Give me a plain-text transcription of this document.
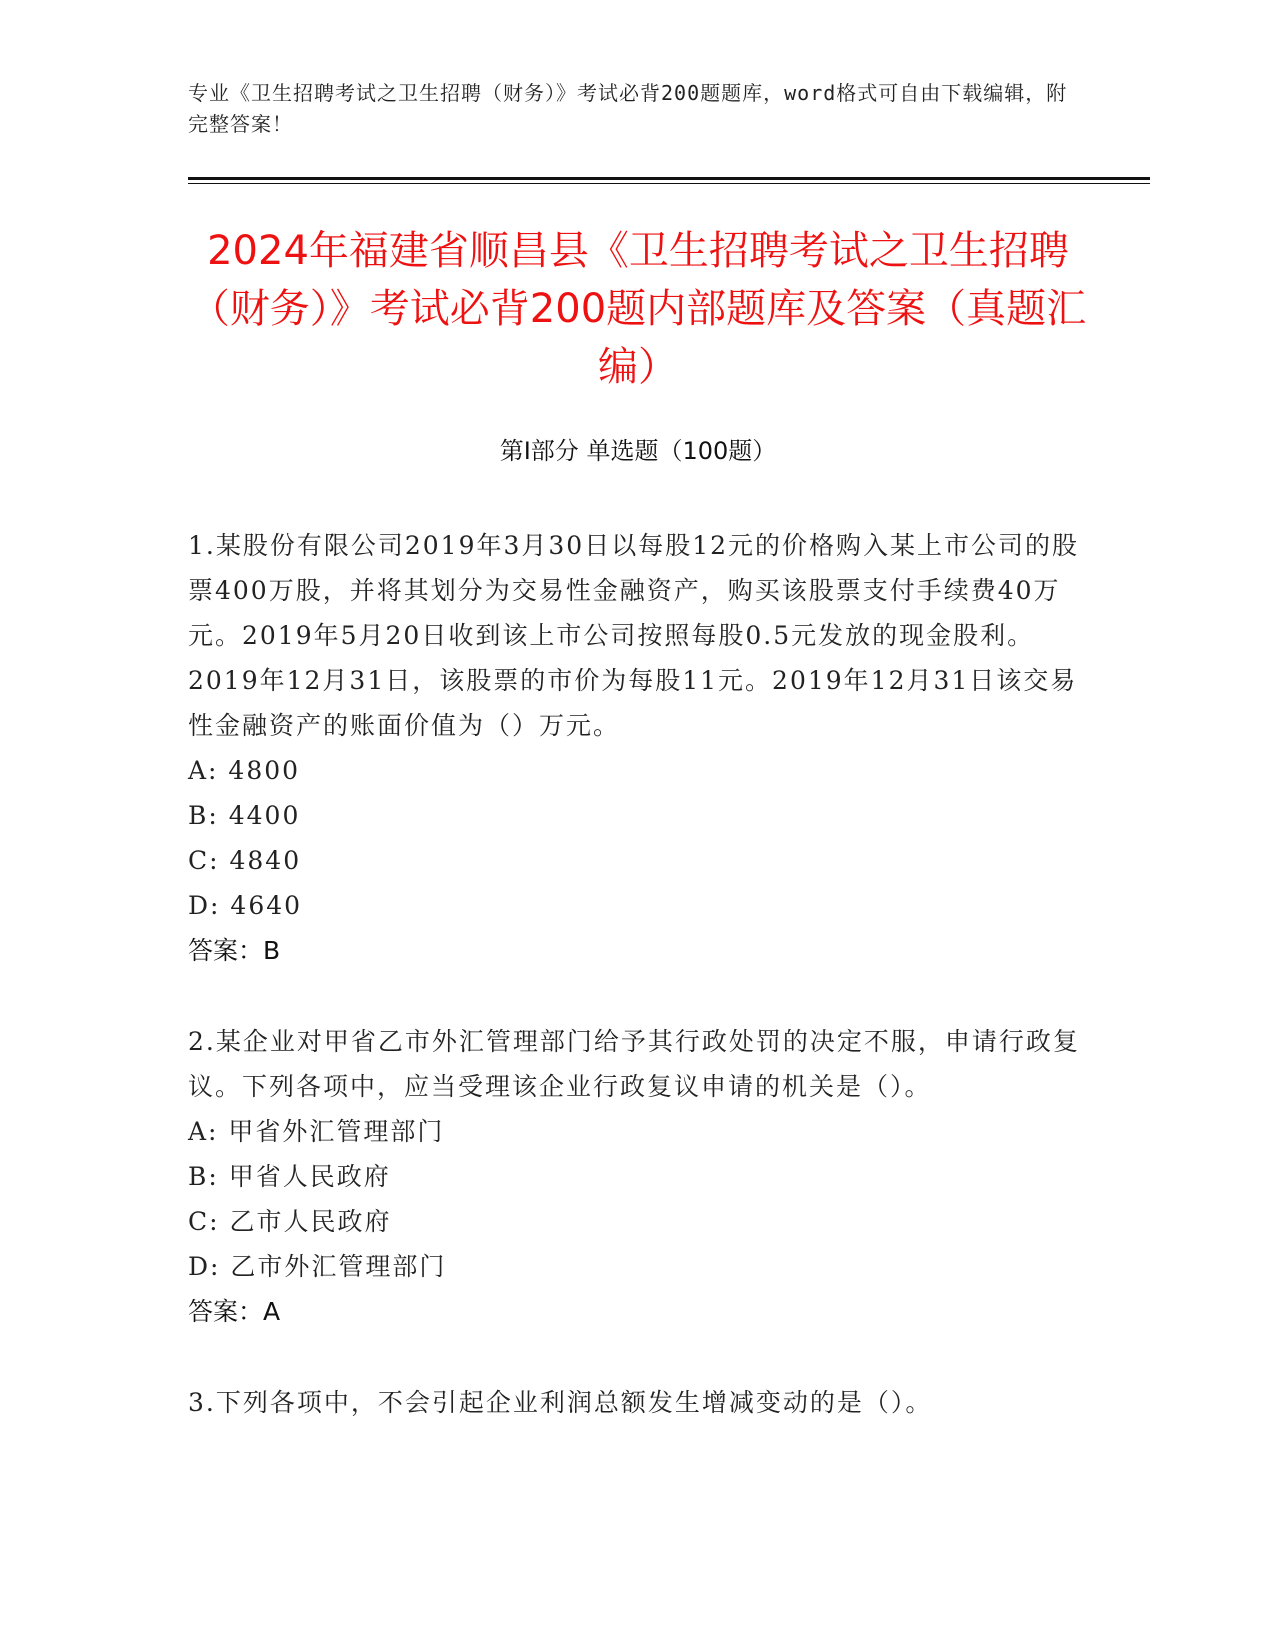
专业《卫生招聘考试之卫生招聘（财务）》考试必背200题题库，word格式可自由下载编辑，附完整答案！
2024年福建省顺昌县《卫生招聘考试之卫生招聘（财务）》考试必背200题内部题库及答案（真题汇编）
第Ⅰ部分 单选题（100题）

1.某股份有限公司2019年3月30日以每股12元的价格购入某上市公司的股票400万股，并将其划分为交易性金融资产，购买该股票支付手续费40万元。2019年5月20日收到该上市公司按照每股0.5元发放的现金股利。2019年12月31日，该股票的市价为每股11元。2019年12月31日该交易性金融资产的账面价值为（）万元。

A: 4800
B: 4400
C: 4840
D: 4640
答案：B

2.某企业对甲省乙市外汇管理部门给予其行政处罚的决定不服，申请行政复议。下列各项中，应当受理该企业行政复议申请的机关是（）。

A: 甲省外汇管理部门
B: 甲省人民政府
C: 乙市人民政府
D: 乙市外汇管理部门
答案：A

3.下列各项中，不会引起企业利润总额发生增减变动的是（）。
